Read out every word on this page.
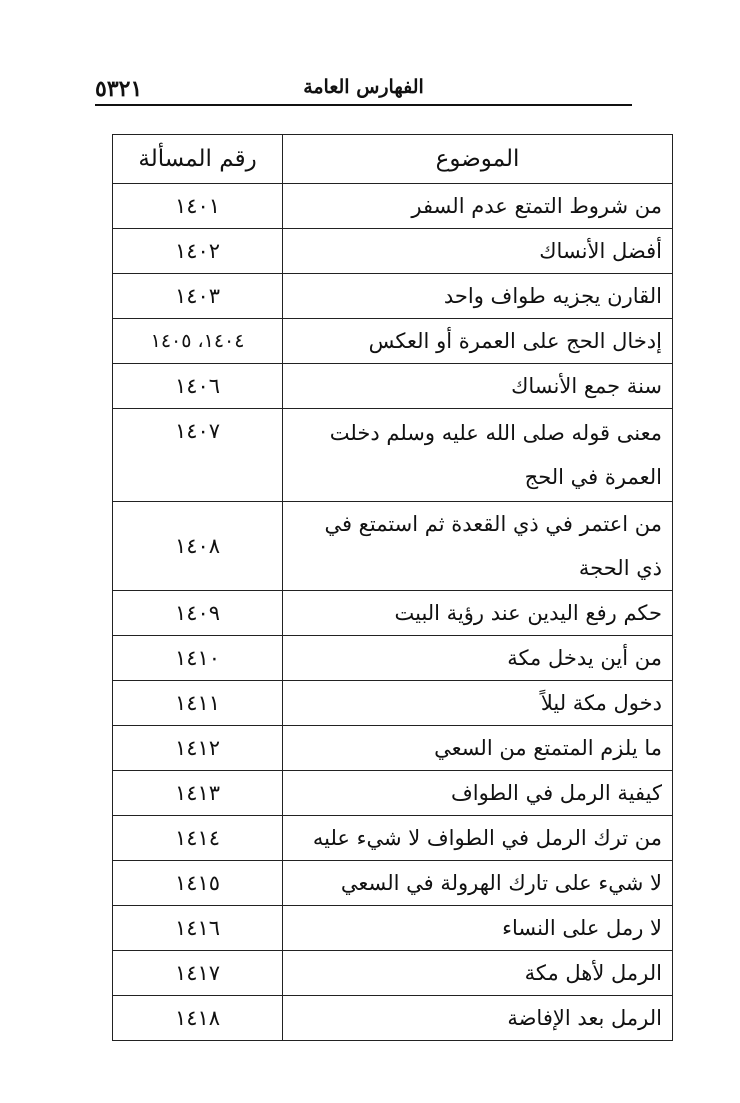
٥٣٢١	الفهارس العامة
الموضوع	رقم المسألة
من شروط التمتع عدم السفر	١٤٠١
أفضل الأنساك	١٤٠٢
القارن يجزيه طواف واحد	١٤٠٣
إدخال الحج على العمرة أو العكس	١٤٠٤، ١٤٠٥
سنة جمع الأنساك	١٤٠٦
معنى قوله صلى الله عليه وسلم دخلت العمرة في الحج	١٤٠٧
من اعتمر في ذي القعدة ثم استمتع في ذي الحجة	١٤٠٨
حكم رفع اليدين عند رؤية البيت	١٤٠٩
من أين يدخل مكة	١٤١٠
دخول مكة ليلاً	١٤١١
ما يلزم المتمتع من السعي	١٤١٢
كيفية الرمل في الطواف	١٤١٣
من ترك الرمل في الطواف لا شيء عليه	١٤١٤
لا شيء على تارك الهرولة في السعي	١٤١٥
لا رمل على النساء	١٤١٦
الرمل لأهل مكة	١٤١٧
الرمل بعد الإفاضة	١٤١٨
